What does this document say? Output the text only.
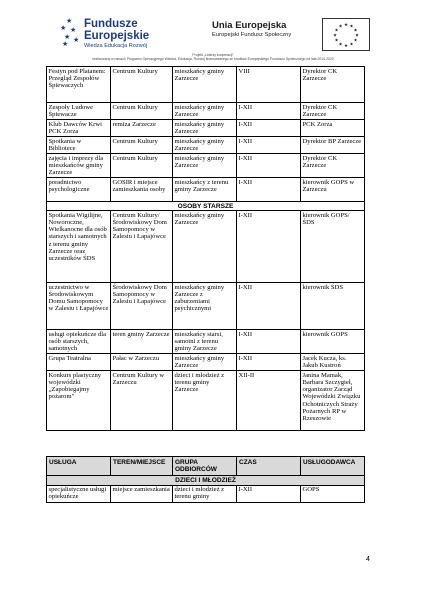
★
★ ★
★ ★
★
Fundusze
Europejskie
Wiedza Edukacja Rozwój
Unia Europejska
Europejski Fundusz Społeczny
★ ★
★
★
★
★
★
★
★
★
★
★
Projekt „Liderzy kooperacji"
realizowany w ramach Programu Operacyjnego Wiedza, Edukacja, Rozwój finansowanego ze środków Europejskiego Funduszu Społecznego na lata 2014-2020
Festyn pod Platanem: Przegląd Zespołów Śpiewaczych	Centrum Kultury	mieszkańcy gminy Zarzecze	VIII	Dyrektor CK Zarzecze
Zespoły Ludowe Śpiewacze	Centrum Kultury	mieszkańcy gminy Zarzecze	I-XII	Dyrektor CK Zarzecze
Klub Dawców Krwi PCK Zorza	remiza Zarzecze	mieszkańcy gminy Zarzecze	I-XII	PCK Zorza
Spotkania w Bibliotece	Centrum Kultury	mieszkańcy gminy Zarzecze	I-XII	Dyrektor BP Zarzecze
zajęcia i imprezy dla mieszkańców gminy Zarzecze	Centrum Kultury	mieszkańcy gminy Zarzecze	I-XII	Dyrektor CK Zarzecze
poradnictwo psychologiczne	GOSIR i miejsce zamieszkania osoby	mieszkańcy z terenu gminy Zarzecze	I-XII	kierownik GOPS w Zarzeczu
OSOBY STARSZE				
Spotkania Wigilijne, Noworoczne, Wielkanocne dla osób starszych i samotnych z terenu gminy Zarzecze oraz uczestników ŚDS	Centrum Kultury/ Środowiskowy Dom Samopomocy w Zalesiu i Łapajówce	mieszkańcy gminy Zarzecze	I-XII	kierownik GOPS/ ŚDS
uczestnictwo w Środowiskowym Domu Samopomocy w Zalesiu i Łapajówce	Środowiskowy Dom Samopomocy w Zalesiu i Łapajówce	mieszkańcy gminy Zarzecze z zaburzeniami psychicznymi	I-XII	kierownik ŚDS
usługi opiekuńcze dla osób starszych, samotnych	teren gminy Zarzecze	mieszkańcy starsi, samotni z terenu gminy Zarzecze	I-XII	kierownik GOPS
Grupa Teatralna	Pałac w Zarzeczu	mieszkańcy gminy Zarzecze	I-XII	Jacek Kucza, ks. Jakub Kustroń
Konkurs plastyczny wojewódzki „Zapobiegajmy pożarom"	Centrum Kultury w Zarzeczu	dzieci i młodzież z terenu gminy Zarzecze	XII-II	Janina Mamak, Barbara Szczygieł, organizator Zarząd Wojewódzki Związku Ochotniczych Straży Pożarnych RP w Rzeszowie
USŁUGA	TEREN/MIEJSCE	GRUPA ODBIORCÓW	CZAS	USŁUGODAWCA
DZIECI I MŁODZIEŻ				
specjalistyczne usługi opiekuńcze	miejsce zamieszkania	dzieci i młodzież z terenu gminy	I-XII	GOPS
4
